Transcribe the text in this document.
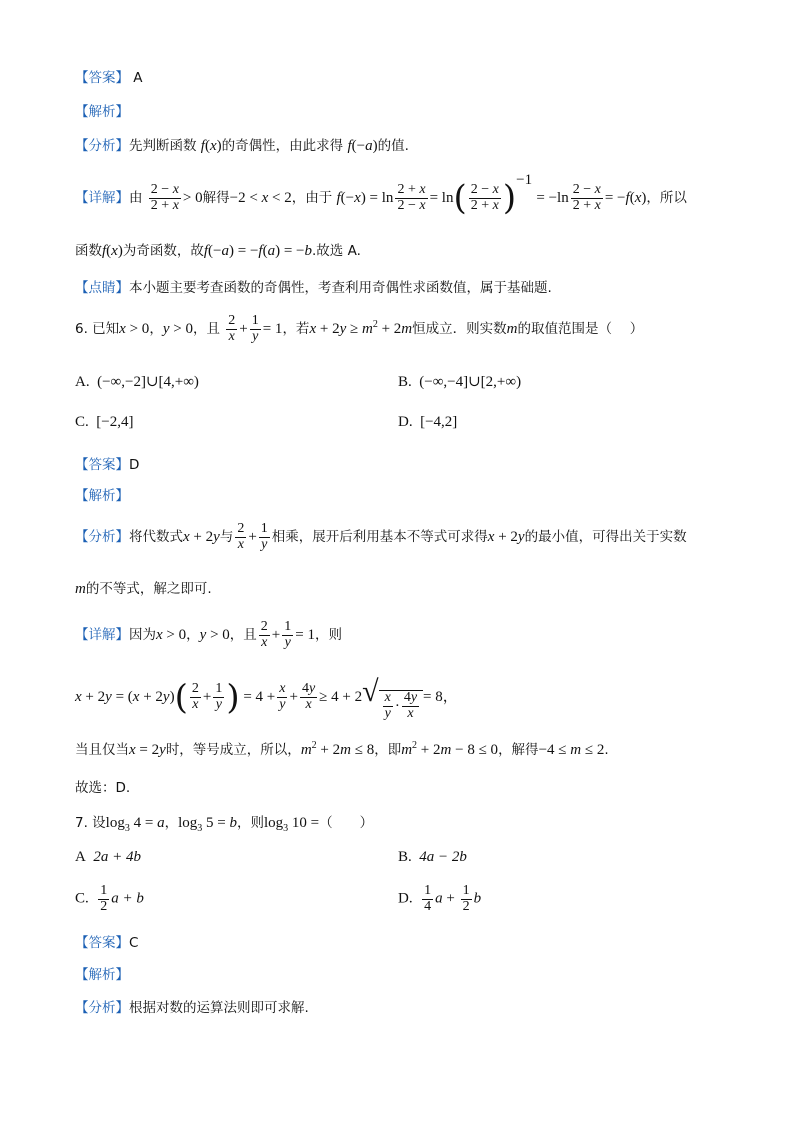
【答案】 A
【解析】
【分析】先判断函数 f(x)的奇偶性，由此求得 f(−a)的值.
【详解】由 $\frac{2 - x}{2 + x} > 0$解得−2 < x < 2，由于 $f(-x) = \ln \frac{2 + x}{2 - x} = \ln( \frac{2 - x}{2 + x} )^{-1} = -\ln \frac{2 - x}{2 + x} = -f(x)$，所以
函数f(x)为奇函数，故f(−a) = −f(a) = −b.故选 A.
【点睛】本小题主要考查函数的奇偶性，考查利用奇偶性求函数值，属于基础题.
6. 已知x > 0，y > 0，且 $\frac{2}{x} + \frac{1}{y} = 1$，若$x + 2y \ge m^2 + 2m$恒成立．则实数m的取值范围是（　 ）
A. (−∞,−2]∪[4,+∞)	B. (−∞,−4]∪[2,+∞)
C. [−2,4]	D. [−4,2]
【答案】D
【解析】
【分析】将代数式x + 2y与 $\frac{2}{x} + \frac{1}{y}$ 相乘，展开后利用基本不等式可求得x + 2y的最小值，可得出关于实数
m的不等式，解之即可.
【详解】因为x > 0，y > 0，且 $\frac{2}{x} + \frac{1}{y} = 1$，则
$x + 2y = (x + 2y)( \frac{2}{x} + \frac{1}{y}$ ) = $4 + \frac{x}{y} + \frac{4y}{x} \ge 4 + 2√ \frac{x}{y} \cdot \frac{4y}{x} = 8$，
当且仅当x = 2y时，等号成立，所以，$m^2 + 2m \le 8$，即$m^2 + 2m - 8 \le 0$，解得−4 ≤ m ≤ 2.
故选：D.
7. 设$\log_3 4 = a$，$\log_3 5 = b$，则$\log_3 10$ =（　　）
A 2a + 4b	B. 4a − 2b
C. $\frac{1}{2}$ a + b	D. $\frac{1}{4}$ $a + \frac{1}{2}$ b
【答案】C
【解析】
【分析】根据对数的运算法则即可求解.
